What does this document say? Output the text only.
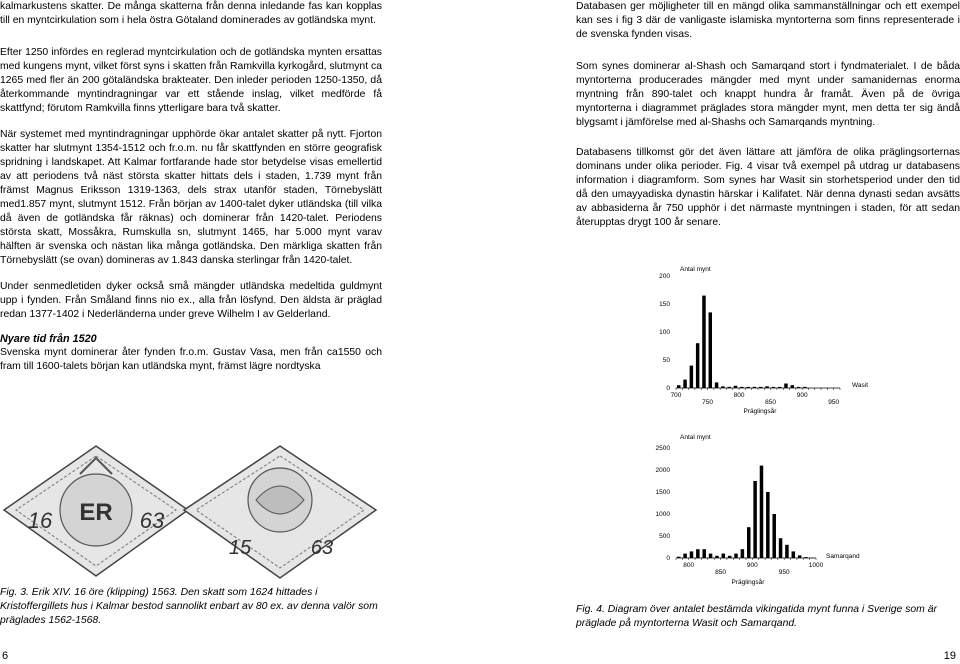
kalmarkustens skatter. De många skatterna från denna inledande fas kan kopplas till en myntcirkulation som i hela östra Götaland dominerades av gotländska mynt.

Efter 1250 infördes en reglerad myntcirkulation och de gotländska mynten ersattas med kungens mynt, vilket först syns i skatten från Ramkvilla kyrkogård, slutmynt ca 1265 med fler än 200 götaländska brakteater. Den inleder perioden 1250-1350, då återkommande myntindragningar var ett stående inslag, vilket medförde få skattfynd; förutom Ramkvilla finns ytterligare bara två skatter.

När systemet med myntindragningar upphörde ökar antalet skatter på nytt. Fjorton skatter har slutmynt 1354-1512 och fr.o.m. nu får skattfynden en större geografisk spridning i landskapet. Att Kalmar fortfarande hade stor betydelse visas emellertid av att periodens två näst största skatter hittats dels i staden, 1.739 mynt från främst Magnus Eriksson 1319-1363, dels strax utanför staden, Törnebyslätt med1.857 mynt, slutmynt 1512. Från början av 1400-talet dyker utländska (till vilka då även de gotländska får räknas) och dominerar från 1420-talet. Periodens största skatt, Mossåkra, Rumskulla sn, slutmynt 1465, har 5.000 mynt varav hälften är svenska och nästan lika många gotländska. Den märkliga skatten från Törnebyslätt (se ovan) domineras av 1.843 danska sterlingar från 1420-talet.

Under senmedletiden dyker också små mängder utländska medeltida guldmynt upp i fynden. Från Småland finns nio ex., alla från lösfynd. Den äldsta är präglad redan 1377-1402 i Nederländerna under greve Wilhelm I av Gelderland.

Nyare tid från 1520

Svenska mynt dominerar åter fynden fr.o.m. Gustav Vasa, men från ca1550 och fram till 1600-talets början kan utländska mynt, främst lägre nordtyska

16 ER 63
15	63
Fig. 3. Erik XIV. 16 öre (klipping) 1563. Den skatt som 1624 hittades i Kristoffergillets hus i Kalmar bestod sannolikt enbart av 80 ex. av denna valör som präglades 1562-1568.

Databasen ger möjligheter till en mängd olika sammanställningar och ett exempel kan ses i fig 3 där de vanligaste islamiska myntorterna som finns representerade i de svenska fynden visas.

Som synes dominerar al-Shash och Samarqand stort i fyndmaterialet. I de båda myntorterna producerades mängder med mynt under samanidernas enorma myntning från 890-talet och knappt hundra år framåt. Även på de övriga myntorterna i diagrammet präglades stora mängder mynt, men detta ter sig ändå blygsamt i jämförelse med al-Shashs och Samarqands myntning.

Databasens tillkomst gör det även lättare att jämföra de olika präglingsorternas dominans under olika perioder. Fig. 4 visar två exempel på utdrag ur databasens information i diagramform. Som synes har Wasit sin storhetsperiod under den tid då den umayyadiska dynastin härskar i Kalifatet. När denna dynasti sedan avsätts av abbasiderna år 750 upphör i det närmaste myntningen i staden, för att sedan återupptas drygt 100 år senare.

Antal mynt
0
50
100
150
200
700	800	900
750	850	950
Wasit
Präglingsår
Antal mynt
0
500
1000
1500
2000
2500
800	900	1000
850	950
Samarqand
Präglingsår
Fig. 4. Diagram över antalet bestämda vikingatida mynt funna i Sverige som är präglade på myntorterna Wasit och Samarqand.
6	19
